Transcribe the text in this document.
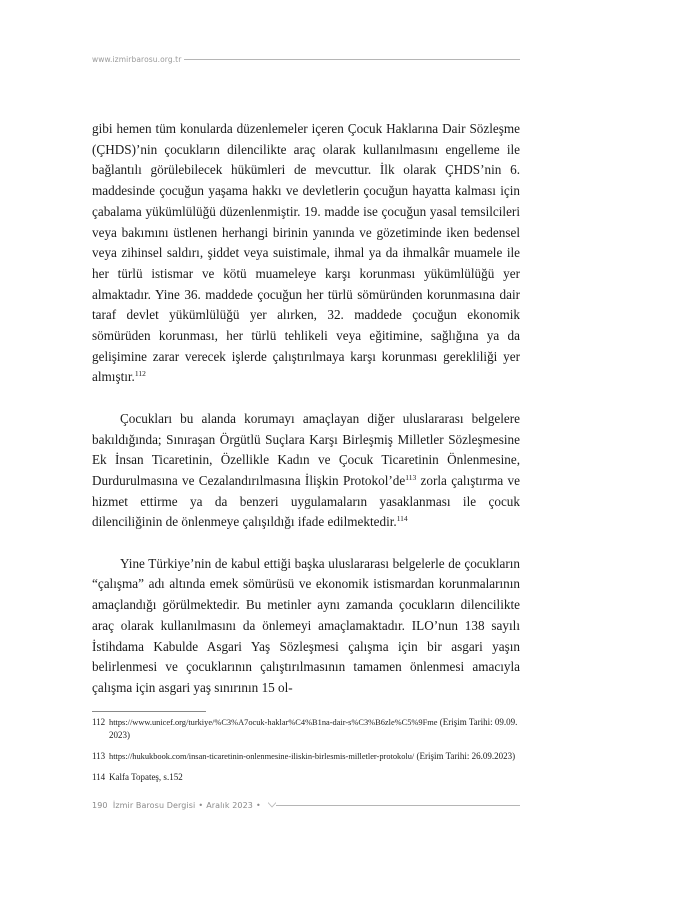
www.izmirbarosu.org.tr

gibi hemen tüm konularda düzenlemeler içeren Çocuk Haklarına Dair Sözleşme (ÇHDS)’nin çocukların dilencilikte araç olarak kullanılmasını engelleme ile bağlantılı görülebilecek hükümleri de mevcuttur. İlk olarak ÇHDS’nin 6. maddesinde çocuğun yaşama hakkı ve devletlerin çocuğun hayatta kalması için çabalama yükümlülüğü düzenlenmiştir. 19. madde ise çocuğun yasal temsilcileri veya bakımını üstlenen herhangi birinin yanında ve gözetiminde iken bedensel veya zihinsel saldırı, şiddet veya suistimale, ihmal ya da ihmalkâr muamele ile her türlü istismar ve kötü muameleye karşı korunması yükümlülüğü yer almaktadır. Yine 36. maddede çocuğun her türlü sömüründen korunmasına dair taraf devlet yükümlülüğü yer alırken, 32. maddede çocuğun ekonomik sömürüden korunması, her türlü tehlikeli veya eğitimine, sağlığına ya da gelişimine zarar verecek işlerde çalıştırılmaya karşı korunması gerekliliği yer almıştır.$^{112}$

Çocukları bu alanda korumayı amaçlayan diğer uluslararası belgelere bakıldığında; Sınıraşan Örgütlü Suçlara Karşı Birleşmiş Milletler Sözleşmesine Ek İnsan Ticaretinin, Özellikle Kadın ve Çocuk Ticaretinin Önlenmesine, Durdurulmasına ve Cezalandırılmasına İlişkin $Protokol’de^{113}$ zorla çalıştırma ve hizmet ettirme ya da benzeri uygulamaların yasaklanması ile çocuk dilenciliğinin de önlenmeye çalışıldığı ifade edilmektedir.$^{114}$

Yine Türkiye’nin de kabul ettiği başka uluslararası belgelerle de çocukların “çalışma” adı altında emek sömürüsü ve ekonomik istismardan korunmalarının amaçlandığı görülmektedir. Bu metinler aynı zamanda çocukların dilencilikte araç olarak kullanılmasını da önlemeyi amaçlamaktadır. ILO’nun 138 sayılı İstihdama Kabulde Asgari Yaş Sözleşmesi çalışma için bir asgari yaşın belirlenmesi ve çocuklarının çalıştırılmasının tamamen önlenmesi amacıyla çalışma için asgari yaş sınırının 15 ol-

112 https://www.unicef.org/turkiye/%C3%A7ocuk-haklar%C4%B1na-dair-s%C3%B6zle%C5%9Fme (Erişim Tarihi: 09.09.2023)
113 https://hukukbook.com/insan-ticaretinin-onlenmesine-iliskin-birlesmis-milletler-protokolu/ (Erişim Tarihi: 26.09.2023)
114 Kalfa Topateş, s.152
190 İzmir Barosu Dergisi • Aralık 2023 •
